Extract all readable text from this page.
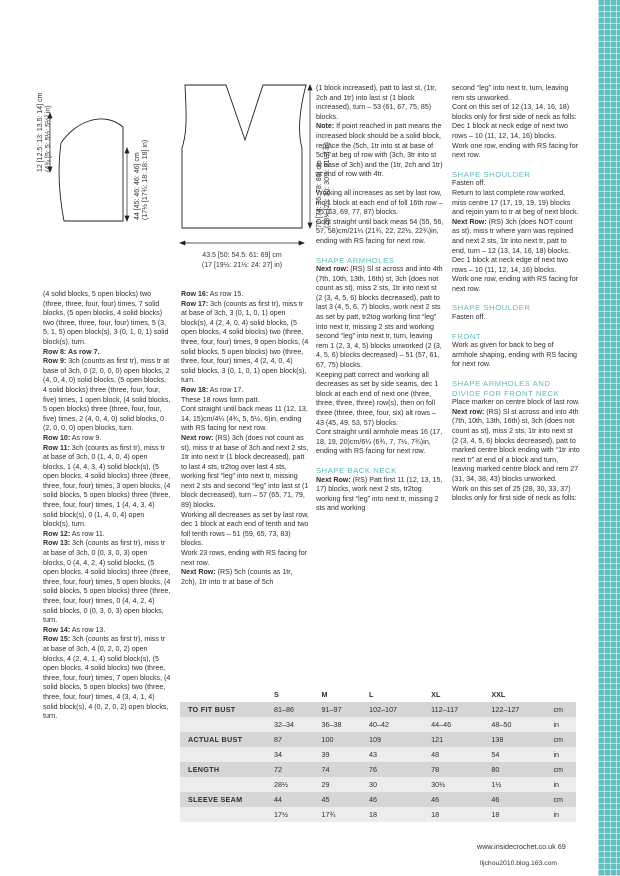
12 [12.5: 13: 13.5: 14] cm (4¾ [5: 5: 5½: 5½] in)
44 [45: 46: 46: 46] cm (17½ [17¾: 18: 18: 18] in)	72 [74: 76: 78: 80] cm (28½ [29: 30: 30½: 31½] in)
43.5 [50: 54.5: 61: 69] cm
(17 [19½: 21½: 24: 27] in)

(4 solid blocks, 5 open blocks) two (three, three, four, four) times, 7 solid blocks, (5 open blocks, 4 solid blocks) two (three, three, four, four) times, 5 (3, 5, 1, 5) open block(s), 3 (0, 1, 0, 1) solid block(s), turn.

Row 8: As row 7.

Row 9: 3ch (counts as first tr), miss tr at base of 3ch, 0 (2, 0, 0, 0) open blocks, 2 (4, 0, 4, 0) solid blocks, (5 open blocks, 4 solid blocks) three (three, four, four, five) times, 1 open block, (4 solid blocks, 5 open blocks) three (three, four, four, five) times, 2 (4, 0, 4, 0) solid blocks, 0 (2, 0, 0, 0) open blocks, turn.

Row 10: As row 9.

Row 11: 3ch (counts as first tr), miss tr at base of 3ch, 0 (1, 4, 0, 4) open blocks, 1 (4, 4, 3, 4) solid block(s), (5 open blocks, 4 solid blocks) three (three, three, four, four) times, 3 open blocks, (4 solid blocks, 5 open blocks) three (three, three, four, four) times, 1 (4, 4, 3, 4) solid block(s), 0 (1, 4, 0, 4) open block(s), turn.

Row 12: As row 11.

Row 13: 3ch (counts as first tr), miss tr at base of 3ch, 0 (0, 3, 0, 3) open blocks, 0 (4, 4, 2, 4) solid blocks, (5 open blocks, 4 solid blocks) three (three, three, four, four) times, 5 open blocks, (4 solid blocks, 5 open blocks) three (three, three, four, four) times, 0 (4, 4, 2, 4) solid blocks, 0 (0, 3, 0, 3) open blocks, turn.

Row 14: As row 13.

Row 15: 3ch (counts as first tr), miss tr at base of 3ch, 4 (0, 2, 0, 2) open blocks, 4 (2, 4, 1, 4) solid block(s), (5 open blocks, 4 solid blocks) two (three, three, four, four) times, 7 open blocks, (4 solid blocks, 5 open blocks) two (three, three, four, four) times, 4 (3, 4, 1, 4) solid block(s), 4 (0, 2, 0, 2) open blocks, turn.

Row 16: As row 15.

Row 17: 3ch (counts as first tr), miss tr at base of 3ch, 3 (0, 1, 0, 1) open block(s), 4 (2, 4, 0, 4) solid blocks, (5 open blocks, 4 solid blocks) two (three, three, four, four) times, 9 open blocks, (4 solid blocks, 5 open blocks) two (three, three, four, four) times, 4 (2, 4, 0, 4) solid blocks, 3 (0, 1, 0, 1) open block(s), turn.

Row 18: As row 17.

These 18 rows form patt.

Cont straight until back meas 11 (12, 13, 14, 15)cm/4¼ (4¾, 5, 5½, 6)in, ending with RS facing for next row.

Next row: (RS) 3ch (does not count as st), miss tr at base of 3ch and next 2 sts, 1tr into next tr (1 block decreased), patt to last 4 sts, tr2tog over last 4 sts, working first “leg” into next tr, missing next 2 sts and second “leg” into last st (1 block decreased), turn – 57 (65, 71, 79, 89) blocks.

Working all decreases as set by last row, dec 1 block at each end of tenth and two foll tenth rows – 51 (59, 65, 73, 83) blocks.

Work 23 rows, ending with RS facing for next row.

Next Row: (RS) 5ch (counts as 1tr, 2ch), 1tr into tr at base of 5ch

(1 block increased), patt to last st, (1tr, 2ch and 1tr) into last st (1 block increased), turn – 53 (61, 67, 75, 85) blocks.

Note: If point reached in patt means the increased block should be a solid block, replace the (5ch, 1tr into st at base of 5ch) at beg of row with (3ch, 3tr into st at base of 3ch) and the (1tr, 2ch and 1tr) at end of row with 4tr.

Working all increases as set by last row, inc 1 block at each end of foll 16th row – 55 (63, 69, 77, 87) blocks.

Cont straight until back meas 54 (55, 56, 57, 58)cm/21¼ (21¾, 22, 22½, 22¾)in, ending with RS facing for next row.

SHAPE ARMHOLES

Next row: (RS) Sl st across and into 4th (7th, 10th, 13th, 16th) st, 3ch (does not count as st), miss 2 sts, 1tr into next st (2 (3, 4, 5, 6) blocks decreased), patt to last 3 (4, 5, 6, 7) blocks, work next 2 sts as set by patt, tr2tog working first “leg” into next tr, missing 2 sts and working second “leg” into next tr, turn, leaving rem 1 (2, 3, 4, 5) blocks unworked (2 (3, 4, 5, 6) blocks decreased) – 51 (57, 61, 67, 75) blocks.

Keeping patt correct and working all decreases as set by side seams, dec 1 block at each end of next one (three, three, three, three) row(s), then on foll three (three, three, four, six) alt rows – 43 (45, 49, 53, 57) blocks.

Cont straight until armhole meas 16 (17, 18, 19, 20)cm/6¼ (6¾, 7, 7½, 7¾)in, ending with RS facing for next row.

SHAPE BACK NECK

Next Row: (RS) Patt first 11 (12, 13, 15, 17) blocks, work next 2 sts, tr2tog working first “leg” into next tr, missing 2 sts and working

second “leg” into next tr, turn, leaving rem sts unworked.

Cont on this set of 12 (13, 14, 16, 18) blocks only for first side of neck as folls:

Dec 1 block at neck edge of next two rows – 10 (11, 12, 14, 16) blocks.

Work one row, ending with RS facing for next row.

SHAPE SHOULDER

Fasten off.

Return to last complete row worked, miss centre 17 (17, 19, 19, 19) blocks and rejoin yarn to tr at beg of next block.

Next Row: (RS) 3ch (does NOT count as st), miss tr where yarn was rejoined and next 2 sts, 1tr into next tr, patt to end, turn – 12 (13, 14, 16, 18) blocks.

Dec 1 block at neck edge of next two rows – 10 (11, 12, 14, 16) blocks.

Work one row, ending with RS facing for next row.

SHAPE SHOULDER

Fasten off.

FRONT

Work as given for back to beg of armhole shaping, ending with RS facing for next row.

SHAPE ARMHOLES AND DIVIDE FOR FRONT NECK

Place marker on centre block of last row.

Next row: (RS) Sl st across and into 4th (7th, 10th, 13th, 16th) st, 3ch (does not count as st), miss 2 sts, 1tr into next st (2 (3, 4, 5, 6) blocks decreased), patt to marked centre block ending with “1tr into next tr” at end of a block and turn, leaving marked centre block and rem 27 (31, 34, 38, 43) blocks unworked.

Work on this set of 25 (28, 30, 33, 37) blocks only for first side of neck as folls:

	S	M	L	XL	XXL	
TO FIT BUST	81–86	91–97	102–107	112–117	122–127	cm
	32–34	36–38	40–42	44–46	48–50	in
ACTUAL BUST	87	100	109	121	138	cm
	34	39	43	48	54	in
LENGTH	72	74	76	78	80	cm
	28½	29	30	30½	1½	in
SLEEVE SEAM	44	45	46	46	46	cm
	17½	17¾	18	18	18	in
www.insidecrochet.co.uk 69
lljchou2010.blog.163.com
